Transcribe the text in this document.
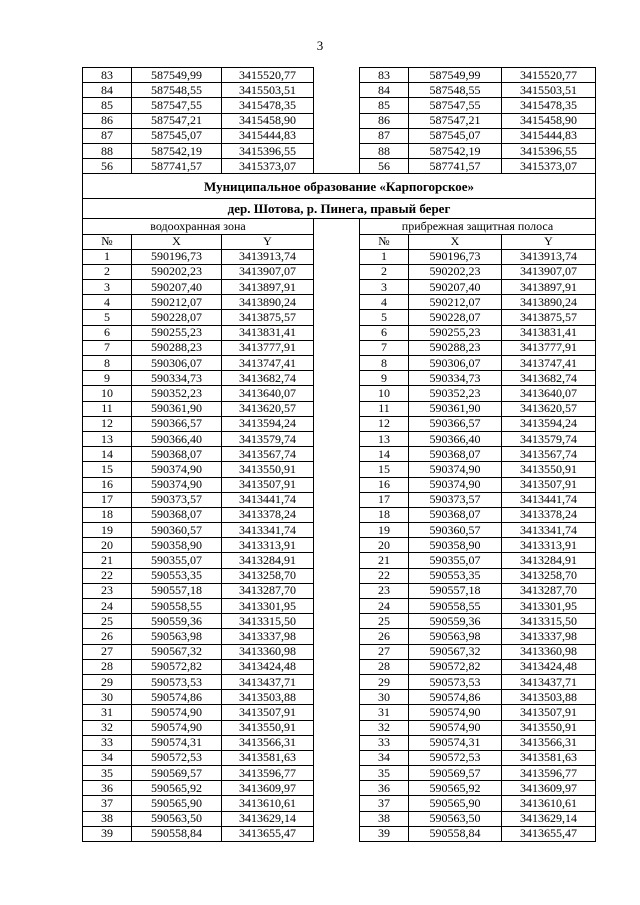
3
83	587549,99	3415520,77		83	587549,99	3415520,77
84	587548,55	3415503,51		84	587548,55	3415503,51
85	587547,55	3415478,35		85	587547,55	3415478,35
86	587547,21	3415458,90		86	587547,21	3415458,90
87	587545,07	3415444,83		87	587545,07	3415444,83
88	587542,19	3415396,55		88	587542,19	3415396,55
56	587741,57	3415373,07		56	587741,57	3415373,07
Муниципальное образование «Карпогорское»						
дер. Шотова, р. Пинега, правый берег						
водоохранная зона				прибрежная защитная полоса		
№	X	Y		№	X	Y
1	590196,73	3413913,74		1	590196,73	3413913,74
2	590202,23	3413907,07		2	590202,23	3413907,07
3	590207,40	3413897,91		3	590207,40	3413897,91
4	590212,07	3413890,24		4	590212,07	3413890,24
5	590228,07	3413875,57		5	590228,07	3413875,57
6	590255,23	3413831,41		6	590255,23	3413831,41
7	590288,23	3413777,91		7	590288,23	3413777,91
8	590306,07	3413747,41		8	590306,07	3413747,41
9	590334,73	3413682,74		9	590334,73	3413682,74
10	590352,23	3413640,07		10	590352,23	3413640,07
11	590361,90	3413620,57		11	590361,90	3413620,57
12	590366,57	3413594,24		12	590366,57	3413594,24
13	590366,40	3413579,74		13	590366,40	3413579,74
14	590368,07	3413567,74		14	590368,07	3413567,74
15	590374,90	3413550,91		15	590374,90	3413550,91
16	590374,90	3413507,91		16	590374,90	3413507,91
17	590373,57	3413441,74		17	590373,57	3413441,74
18	590368,07	3413378,24		18	590368,07	3413378,24
19	590360,57	3413341,74		19	590360,57	3413341,74
20	590358,90	3413313,91		20	590358,90	3413313,91
21	590355,07	3413284,91		21	590355,07	3413284,91
22	590553,35	3413258,70		22	590553,35	3413258,70
23	590557,18	3413287,70		23	590557,18	3413287,70
24	590558,55	3413301,95		24	590558,55	3413301,95
25	590559,36	3413315,50		25	590559,36	3413315,50
26	590563,98	3413337,98		26	590563,98	3413337,98
27	590567,32	3413360,98		27	590567,32	3413360,98
28	590572,82	3413424,48		28	590572,82	3413424,48
29	590573,53	3413437,71		29	590573,53	3413437,71
30	590574,86	3413503,88		30	590574,86	3413503,88
31	590574,90	3413507,91		31	590574,90	3413507,91
32	590574,90	3413550,91		32	590574,90	3413550,91
33	590574,31	3413566,31		33	590574,31	3413566,31
34	590572,53	3413581,63		34	590572,53	3413581,63
35	590569,57	3413596,77		35	590569,57	3413596,77
36	590565,92	3413609,97		36	590565,92	3413609,97
37	590565,90	3413610,61		37	590565,90	3413610,61
38	590563,50	3413629,14		38	590563,50	3413629,14
39	590558,84	3413655,47		39	590558,84	3413655,47
